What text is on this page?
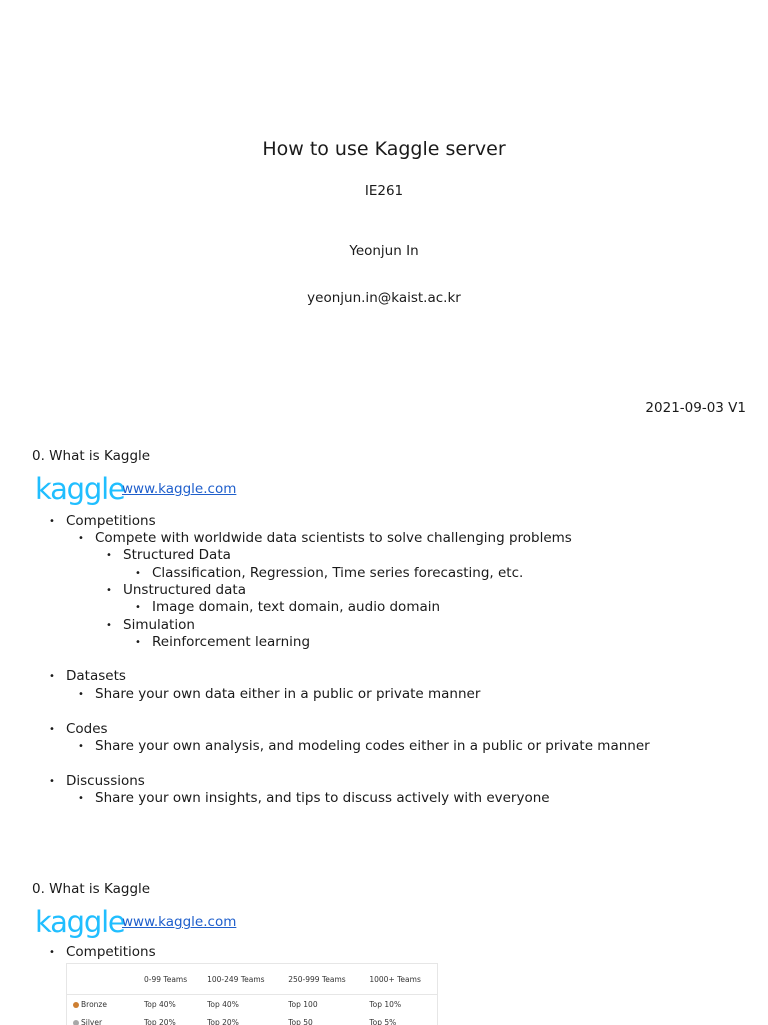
How to use Kaggle server
IE261
Yeonjun In
yeonjun.in@kaist.ac.kr
2021-09-03 V1
0. What is Kaggle
kaggle
www.kaggle.com
• Competitions
• Compete with worldwide data scientists to solve challenging problems
• Structured Data
• Classification, Regression, Time series forecasting, etc.
• Unstructured data
• Image domain, text domain, audio domain
• Simulation
• Reinforcement learning
• Datasets
• Share your own data either in a public or private manner
• Codes
• Share your own analysis, and modeling codes either in a public or private manner
• Discussions
• Share your own insights, and tips to discuss actively with everyone
0. What is Kaggle
kaggle
www.kaggle.com
• Competitions
	0-99 Teams	100-249 Teams	250-999 Teams	1000+ Teams
Bronze	Top 40%	Top 40%	Top 100	Top 10%
Silver	Top 20%	Top 20%	Top 50	Top 5%
